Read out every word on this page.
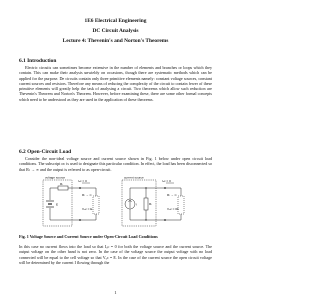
1E6 Electrical Engineering
DC Circuit Analysis
Lecture 4: Thevenin's and Norton's Theorems
6.1 Introduction
Electric circuits can sometimes become extensive in the number of elements and branches or loops which they contain. This can make their analysis unwieldy on occasions, though there are systematic methods which can be applied for the purpose. De circuits contain only three primitive elements namely: constant voltage sources, constant current sources and resistors. Therefore any means of reducing the complexity of the circuit to contain fewer of these primitive elements will greatly help the task of analysing a circuit. Two theorems which allow such reduction are Thevenin's Theorem and Norton's Theorem. However, before examining these, there are some other formal concepts which need to be understood as they are used in the application of these theorems.
6.2 Open-Circuit Load
Consider the non-ideal voltage source and current source shown in Fig. 1 below under open circuit load conditions. The subscript oc is used to designate this particular condition. In effect, the load has been disconnected so that Rₗ → ∞ and the output is referred to as open-circuit.
voltage source	current source
Iₒc = 0	Iₒc = 0
Rᵢ
Rᵢ
E	I
Rₗ → ∞	Rₗ → ∞
Vₒc = E	Vₒc = IRᵢ
Fig. 1 Voltage Source and Current Source under Open-Circuit Load Conditions
In this case no current flows into the load so that Iₒc = 0 for both the voltage source and the current source. The output voltage on the other hand is not zero. In the case of the voltage source the output voltage with no load connected will be equal to the cell voltage so that Vₒc = E. In the case of the current source the open circuit voltage will be determined by the current I flowing through the
1
